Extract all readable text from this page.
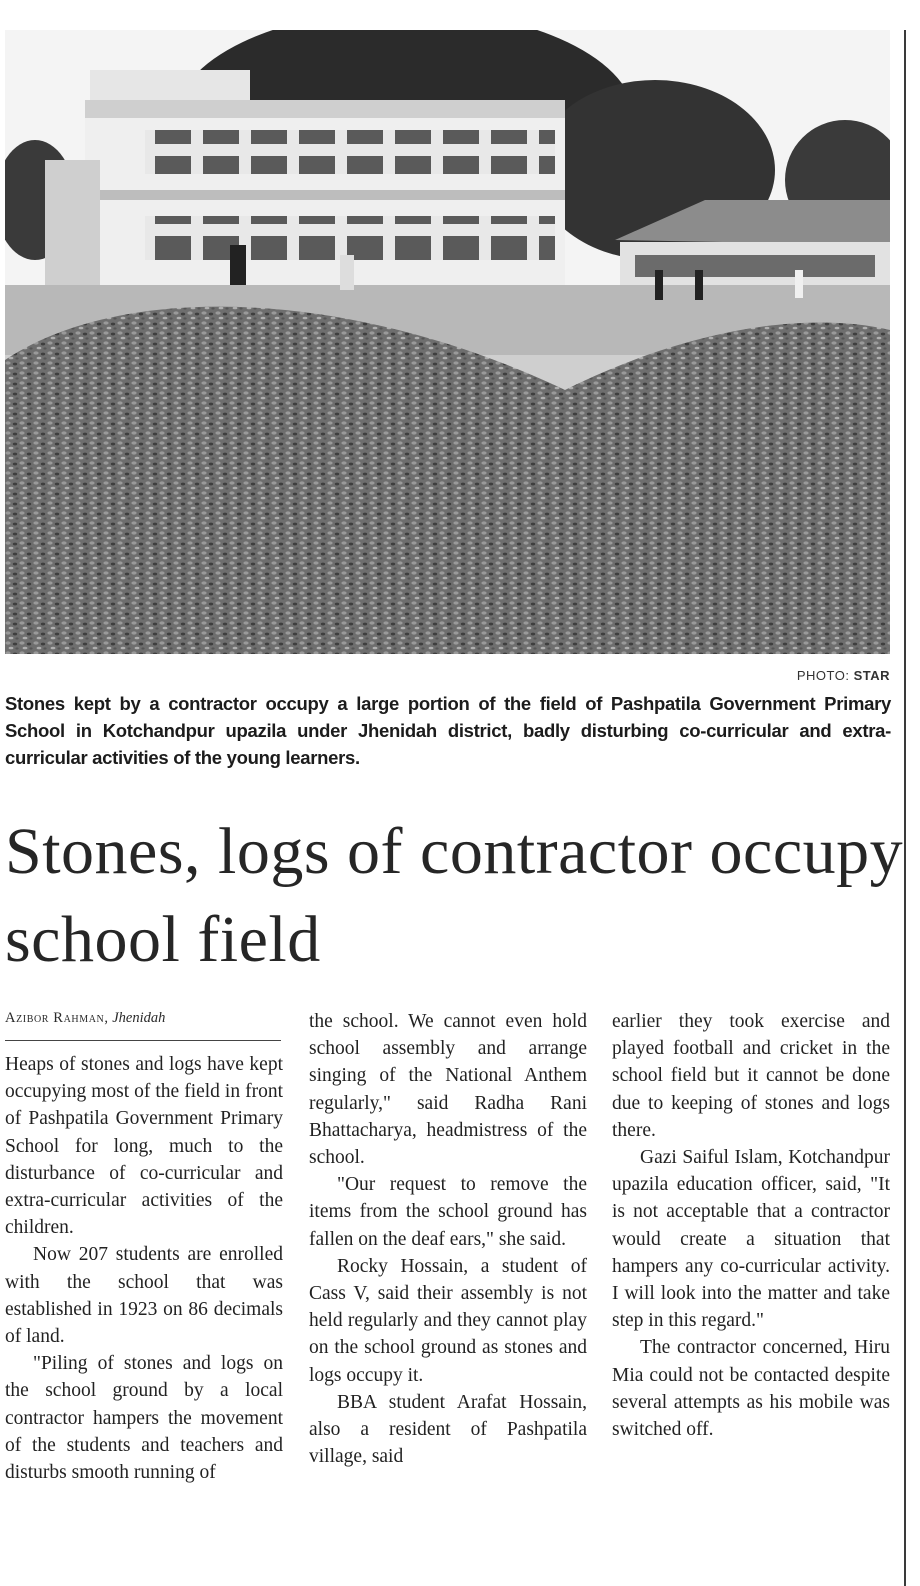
PHOTO: STAR
Stones kept by a contractor occupy a large portion of the field of Pashpatila Government Primary School in Kotchandpur upazila under Jhenidah district, badly disturbing co-curricular and extra-curricular activities of the young learners.
Stones, logs of contractor occupy school field
Azibor Rahman, Jhenidah

Heaps of stones and logs have kept occupying most of the field in front of Pashpatila Government Primary School for long, much to the disturbance of co-curricular and extra-curricular activities of the children.

Now 207 students are enrolled with the school that was established in 1923 on 86 decimals of land.

"Piling of stones and logs on the school ground by a local contractor hampers the movement of the students and teachers and disturbs smooth running of

the school. We cannot even hold school assembly and arrange singing of the National Anthem regularly," said Radha Rani Bhattacharya, headmistress of the school.

"Our request to remove the items from the school ground has fallen on the deaf ears," she said.

Rocky Hossain, a student of Cass V, said their assembly is not held regularly and they cannot play on the school ground as stones and logs occupy it.

BBA student Arafat Hossain, also a resident of Pashpatila village, said

earlier they took exercise and played football and cricket in the school field but it cannot be done due to keeping of stones and logs there.

Gazi Saiful Islam, Kotchandpur upazila education officer, said, "It is not acceptable that a contractor would create a situation that hampers any co-curricular activity. I will look into the matter and take step in this regard."

The contractor concerned, Hiru Mia could not be contacted despite several attempts as his mobile was switched off.
